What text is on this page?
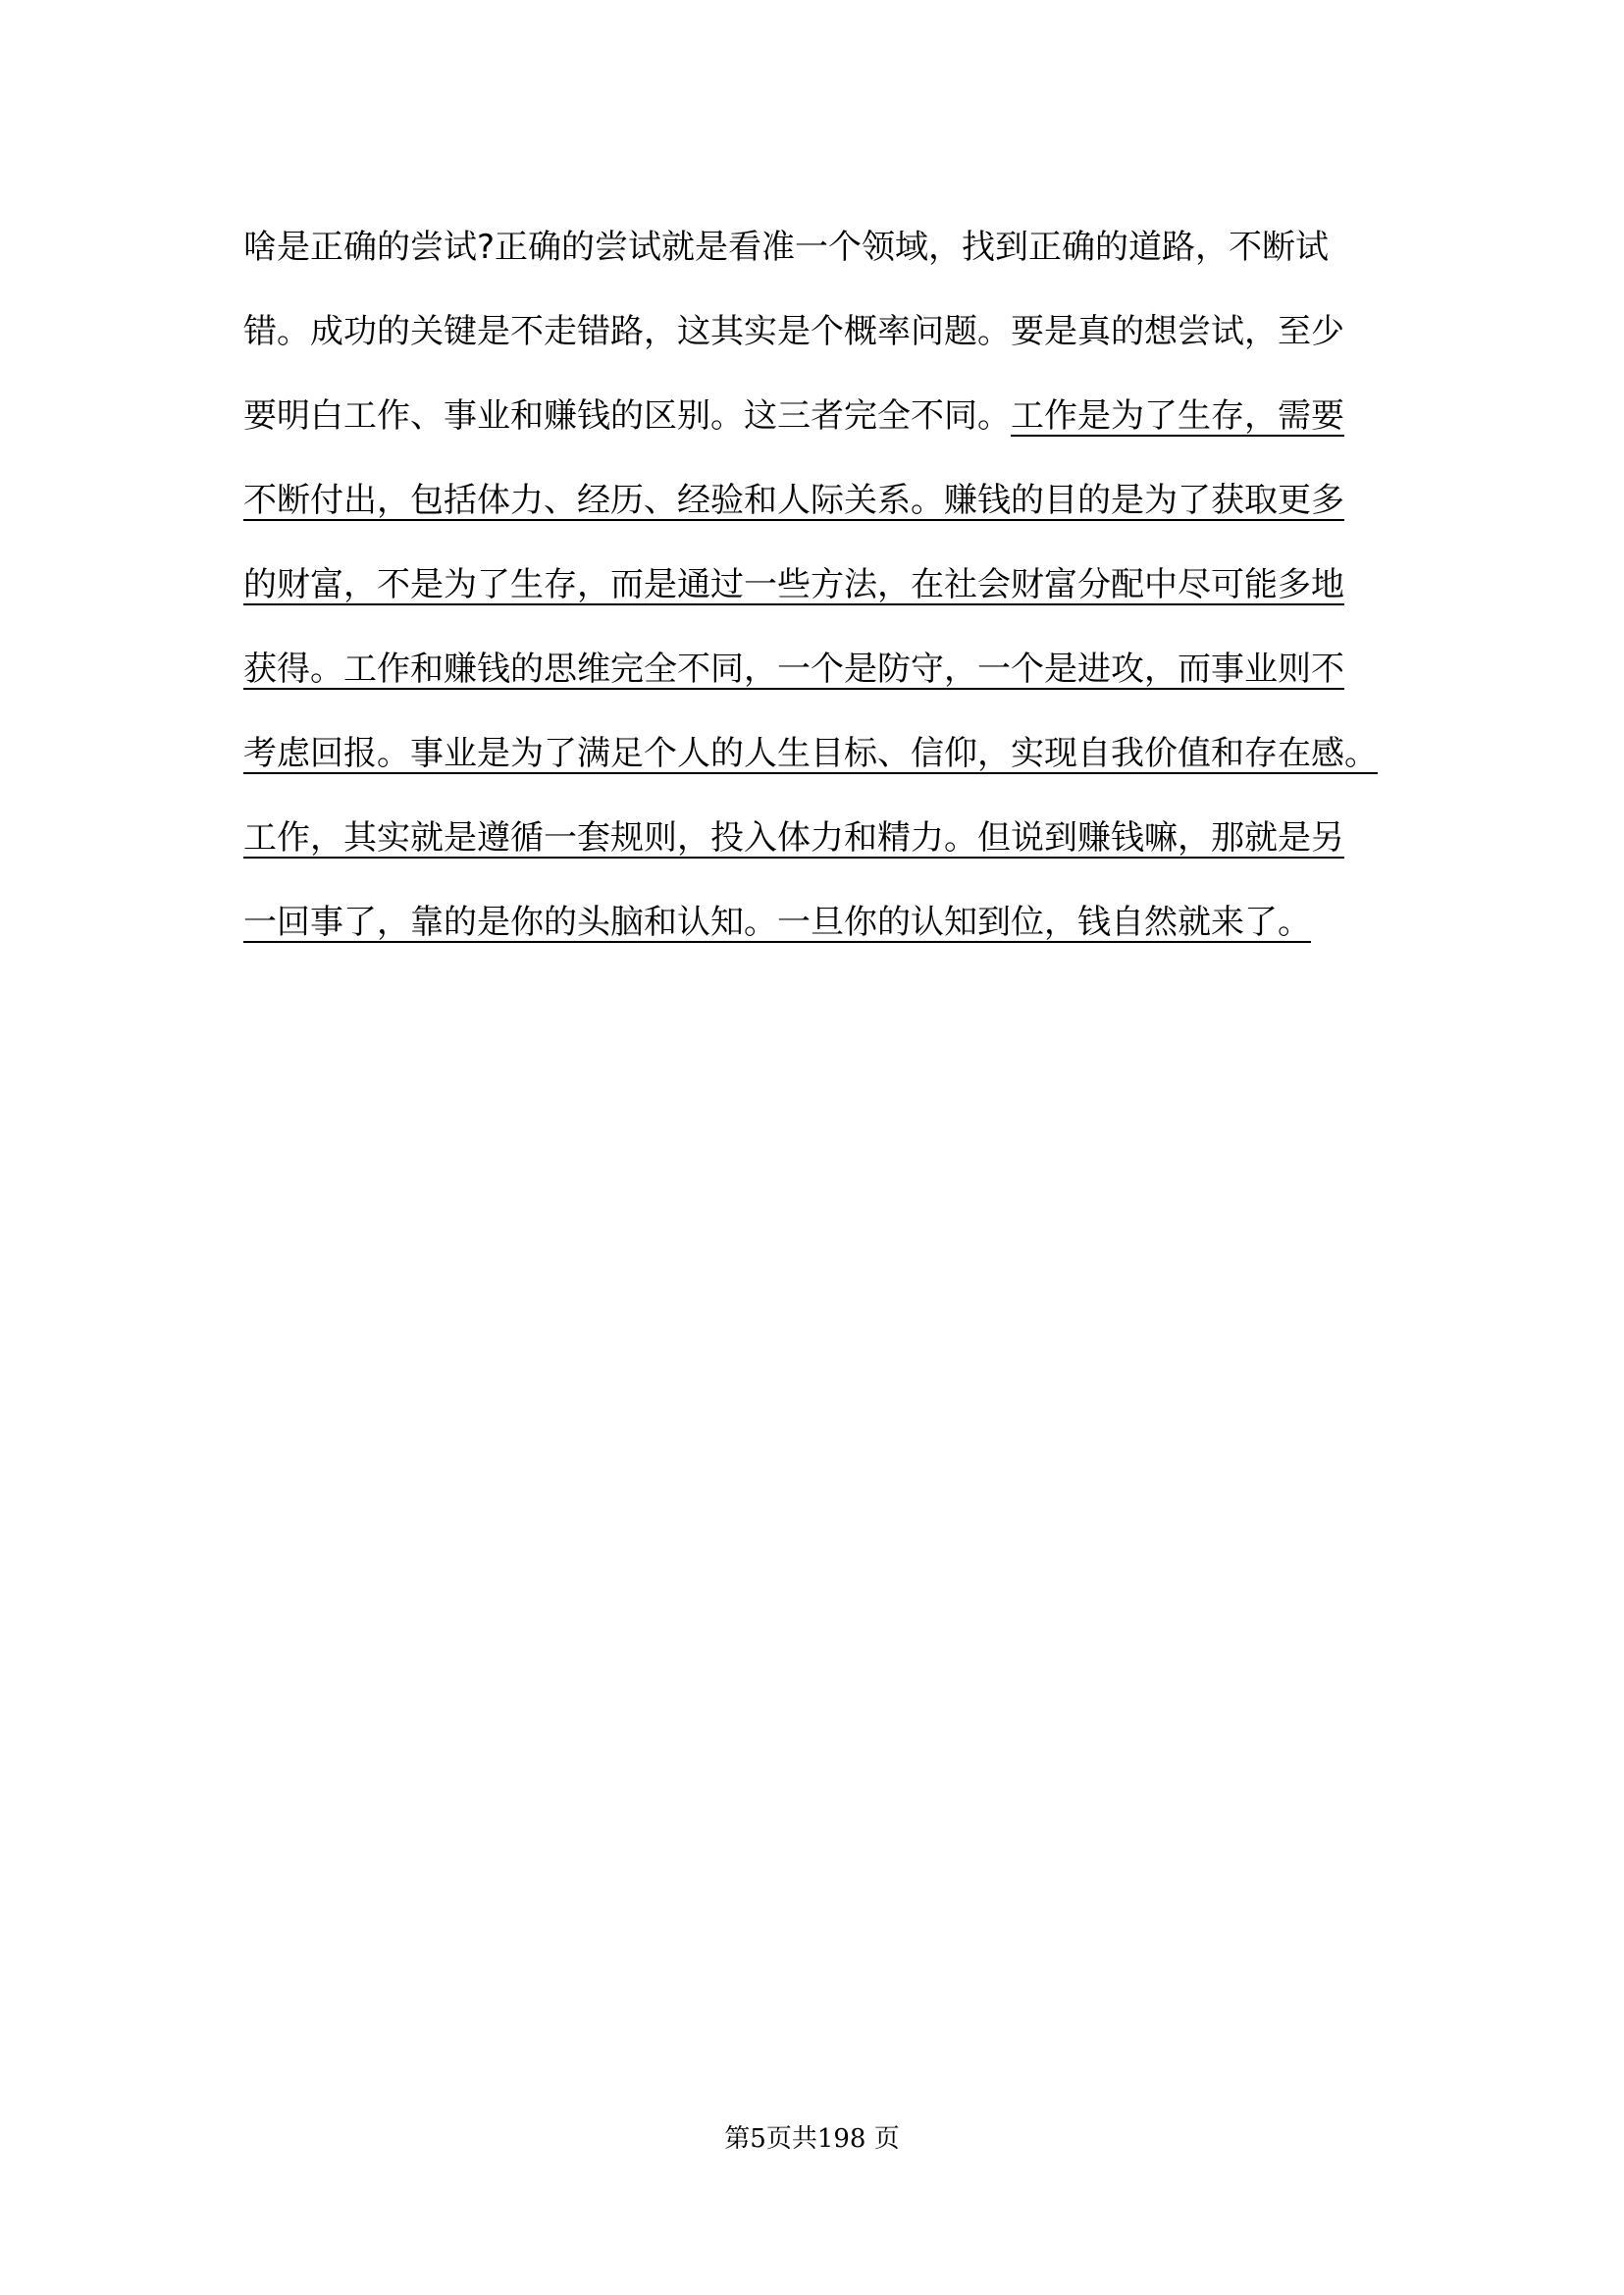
啥是正确的尝试?正确的尝试就是看准一个领域，找到正确的道路，不断试
错。成功的关键是不走错路，这其实是个概率问题。要是真的想尝试，至少
要明白工作、事业和赚钱的区别。这三者完全不同。工作是为了生存，需要
不断付出，包括体力、经历、经验和人际关系。赚钱的目的是为了获取更多
的财富，不是为了生存，而是通过一些方法，在社会财富分配中尽可能多地
获得。工作和赚钱的思维完全不同，一个是防守，一个是进攻，而事业则不
考虑回报。事业是为了满足个人的人生目标、信仰，实现自我价值和存在感。
工作，其实就是遵循一套规则，投入体力和精力。但说到赚钱嘛，那就是另
一回事了，靠的是你的头脑和认知。一旦你的认知到位，钱自然就来了。
第5页共198 页
